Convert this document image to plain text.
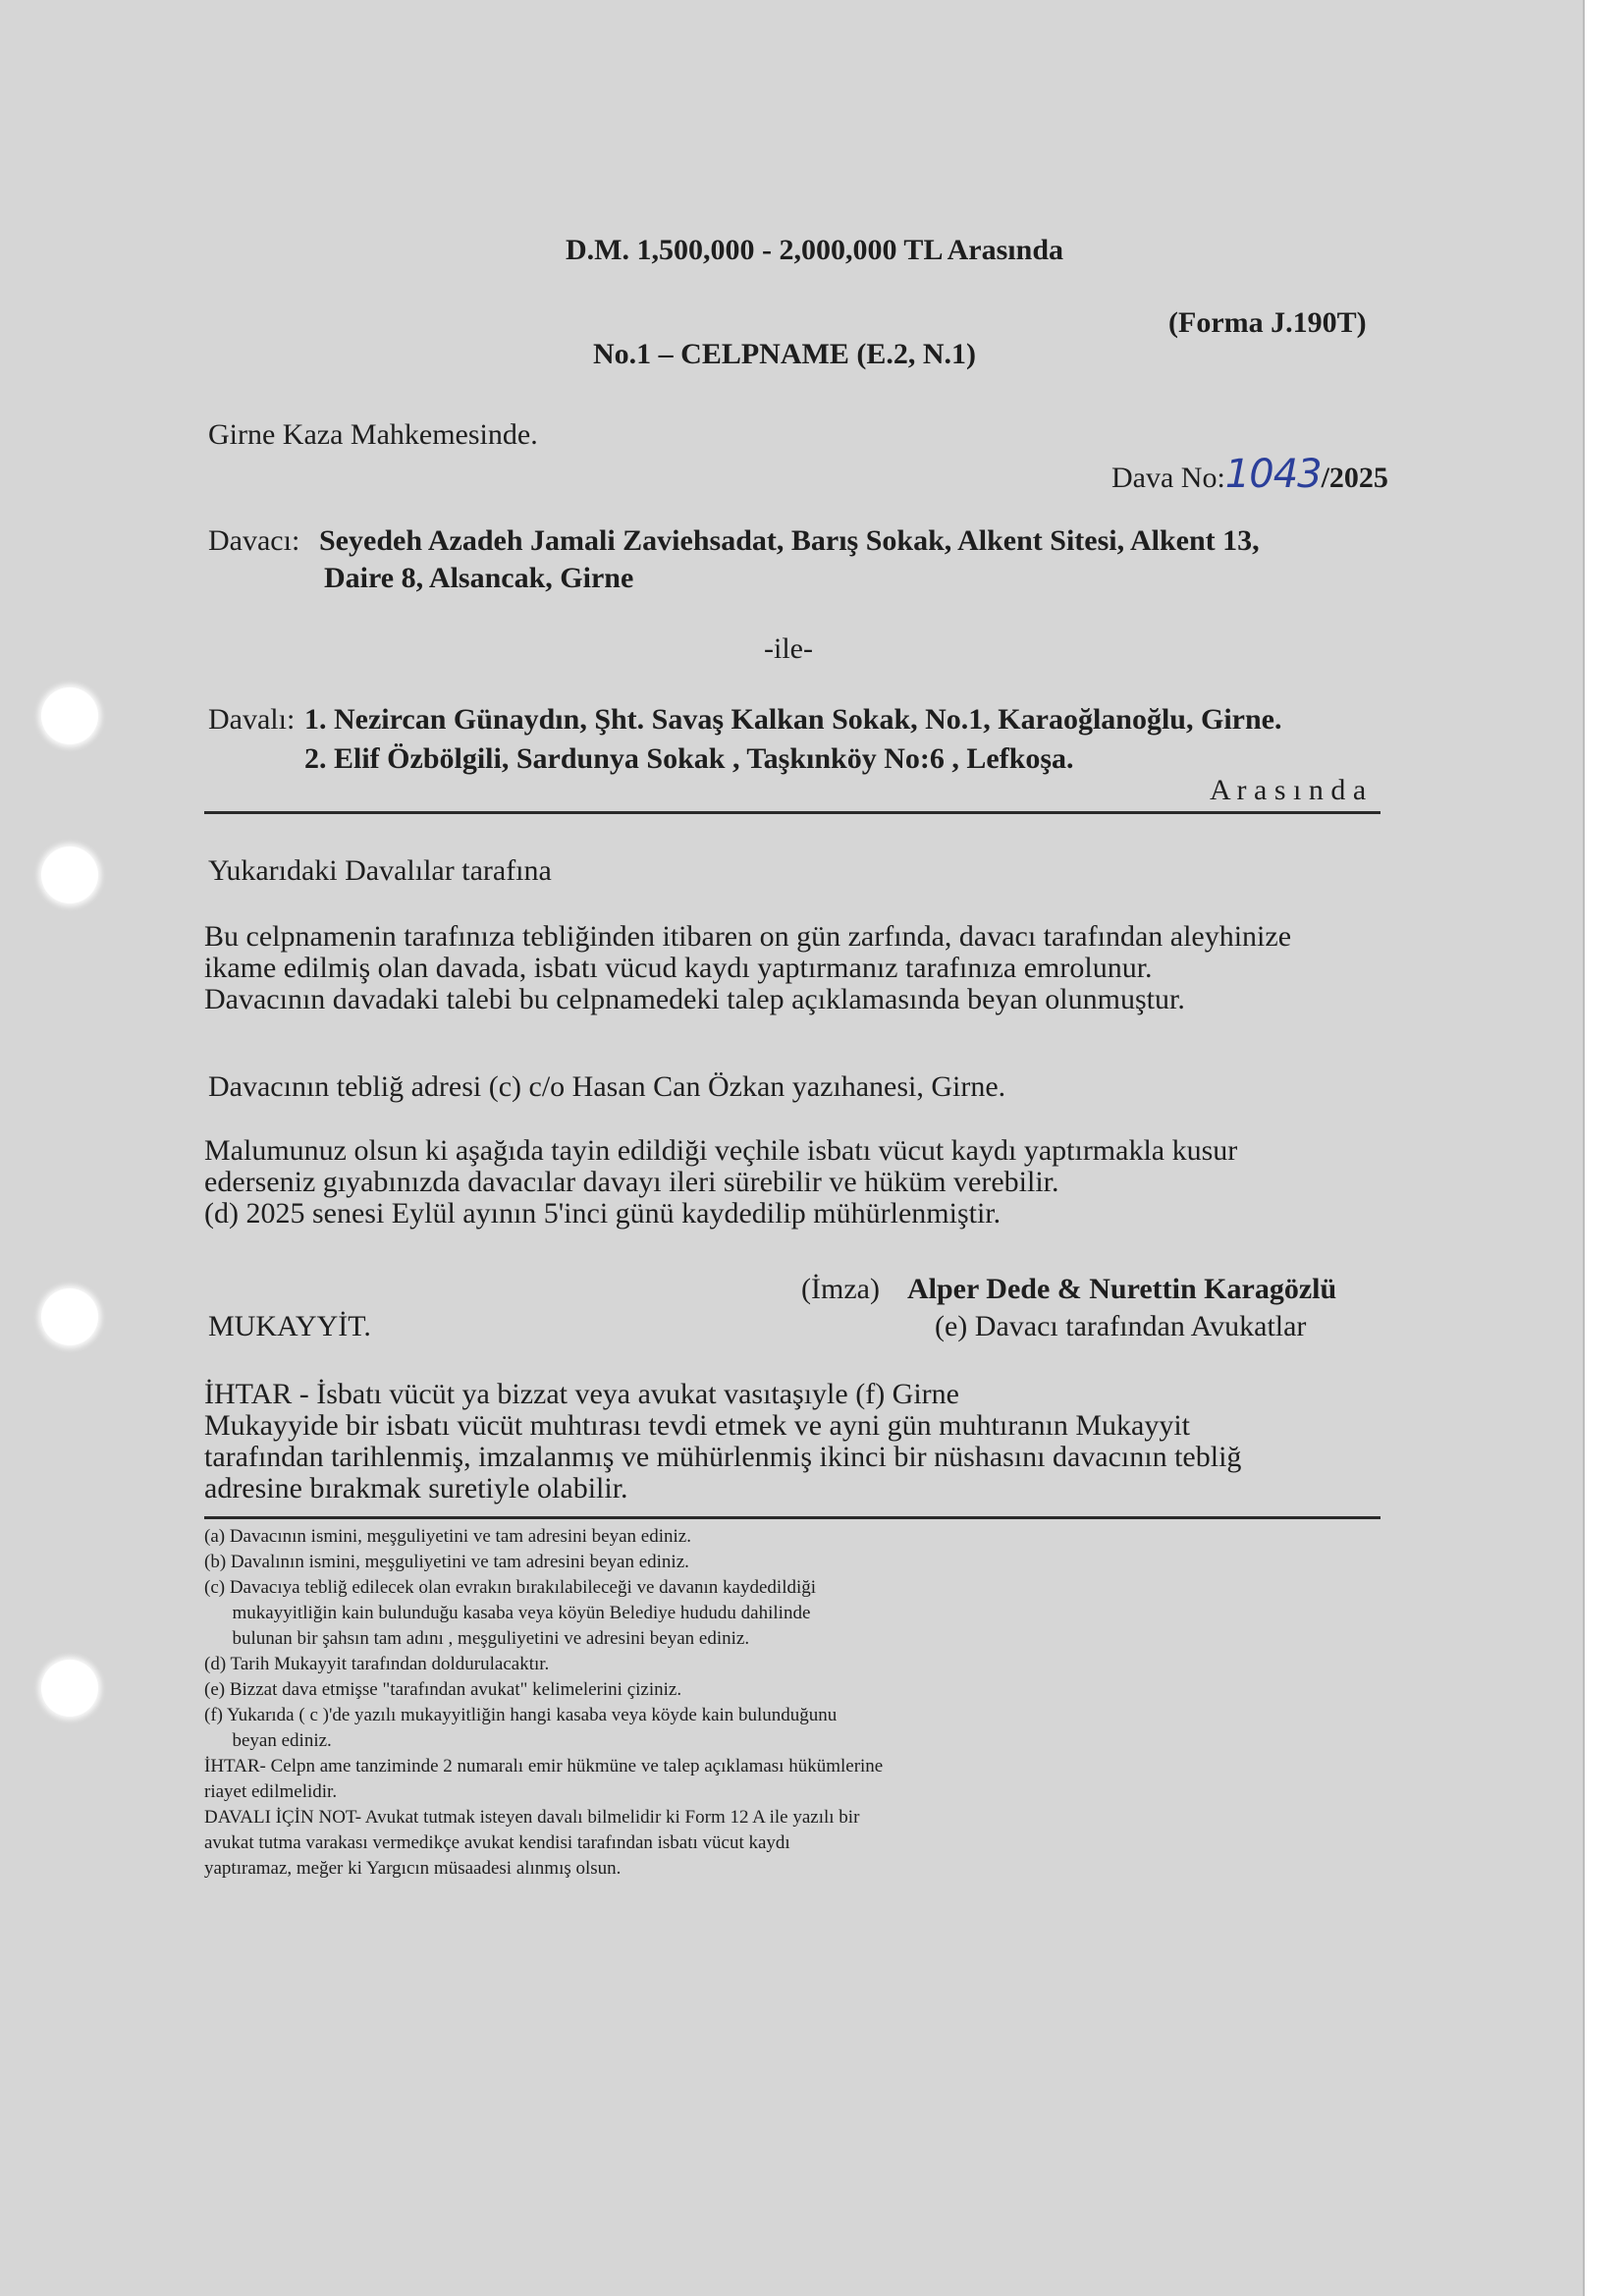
D.M. 1,500,000 - 2,000,000 TL Arasında
(Forma J.190T)
No.1 – CELPNAME (E.2, N.1)
Girne Kaza Mahkemesinde.
Dava No:1043/2025
Davacı: Seyedeh Azadeh Jamali Zaviehsadat, Barış Sokak, Alkent Sitesi, Alkent 13,
Daire 8, Alsancak, Girne
-ile-
Davalı: 1. Nezircan Günaydın, Şht. Savaş Kalkan Sokak, No.1, Karaoğlanoğlu, Girne.
2. Elif Özbölgili, Sardunya Sokak , Taşkınköy No:6 , Lefkoşa.
A r a s ı n d a
Yukarıdaki Davalılar tarafına
Bu celpnamenin tarafınıza tebliğinden itibaren on gün zarfında, davacı tarafından aleyhinize
ikame edilmiş olan davada, isbatı vücud kaydı yaptırmanız tarafınıza emrolunur.
Davacının davadaki talebi bu celpnamedeki talep açıklamasında beyan olunmuştur.
Davacının tebliğ adresi (c) c/o Hasan Can Özkan yazıhanesi, Girne.
Malumunuz olsun ki aşağıda tayin edildiği veçhile isbatı vücut kaydı yaptırmakla kusur
ederseniz gıyabınızda davacılar davayı ileri sürebilir ve hüküm verebilir.
(d) 2025 senesi Eylül ayının 5'inci günü kaydedilip mühürlenmiştir.
(İmza) Alper Dede & Nurettin Karagözlü
MUKAYYİT.	(e) Davacı tarafından Avukatlar
İHTAR - İsbatı vücüt ya bizzat veya avukat vasıtaşıyle (f) Girne
Mukayyide bir isbatı vücüt muhtırası tevdi etmek ve ayni gün muhtıranın Mukayyit
tarafından tarihlenmiş, imzalanmış ve mühürlenmiş ikinci bir nüshasını davacının tebliğ
adresine bırakmak suretiyle olabilir.
(a) Davacının ismini, meşguliyetini ve tam adresini beyan ediniz.
(b) Davalının ismini, meşguliyetini ve tam adresini beyan ediniz.
(c) Davacıya tebliğ edilecek olan evrakın bırakılabileceği ve davanın kaydedildiği
mukayyitliğin kain bulunduğu kasaba veya köyün Belediye hududu dahilinde
bulunan bir şahsın tam adını , meşguliyetini ve adresini beyan ediniz.
(d) Tarih Mukayyit tarafından doldurulacaktır.
(e) Bizzat dava etmişse "tarafından avukat" kelimelerini çiziniz.
(f) Yukarıda ( c )'de yazılı mukayyitliğin hangi kasaba veya köyde kain bulunduğunu
beyan ediniz.
İHTAR- Celpn ame tanziminde 2 numaralı emir hükmüne ve talep açıklaması hükümlerine
riayet edilmelidir.
DAVALI İÇİN NOT- Avukat tutmak isteyen davalı bilmelidir ki Form 12 A ile yazılı bir
avukat tutma varakası vermedikçe avukat kendisi tarafından isbatı vücut kaydı
yaptıramaz, meğer ki Yargıcın müsaadesi alınmış olsun.
